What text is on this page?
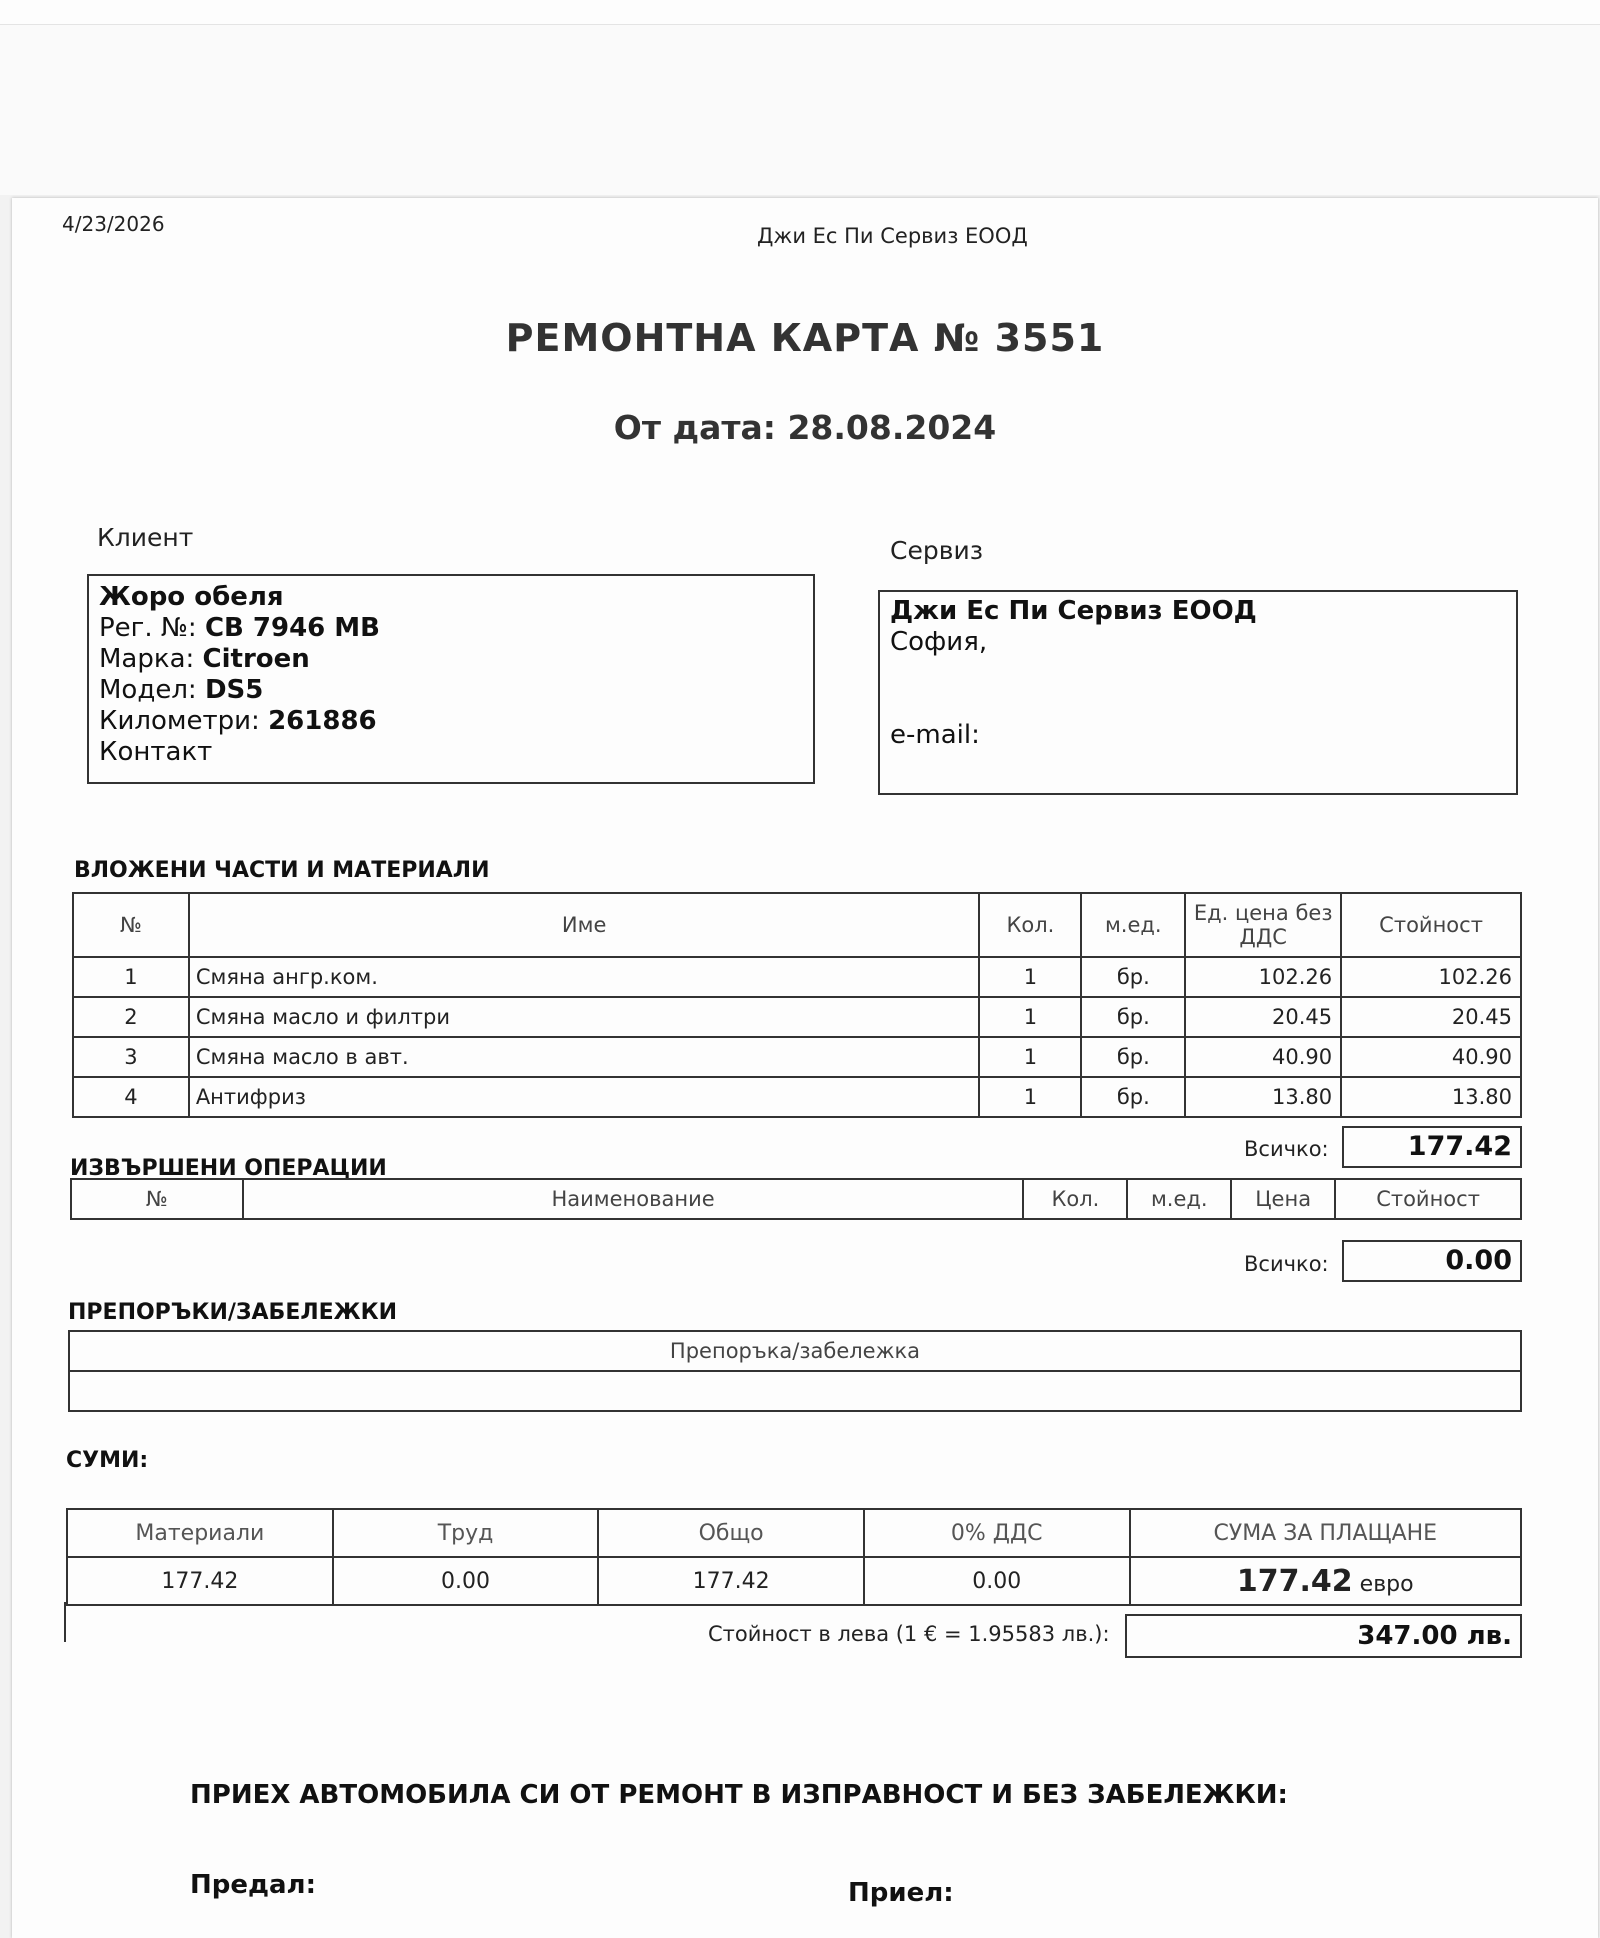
4/23/2026	Джи Ес Пи Сервиз ЕООД
РЕМОНТНА КАРТА № 3551
От дата: 28.08.2024
Клиент
Жоро обеля
Рег. №: CB 7946 MB
Марка: Citroen
Модел: DS5
Километри: 261886
Контакт
Сервиз
Джи Ес Пи Сервиз ЕООД
София,
e-mail:
ВЛОЖЕНИ ЧАСТИ И МАТЕРИАЛИ
№	Име	Кол.	м.ед.	Ед. цена без ДДС	Стойност
1	Смяна ангр.ком.	1	бр.	102.26	102.26
2	Смяна масло и филтри	1	бр.	20.45	20.45
3	Смяна масло в авт.	1	бр.	40.90	40.90
4	Антифриз	1	бр.	13.80	13.80
Всичко:	177.42
ИЗВЪРШЕНИ ОПЕРАЦИИ
№	Наименование	Кол.	м.ед.	Цена	Стойност
Всичко:	0.00
ПРЕПОРЪКИ/ЗАБЕЛЕЖКИ
Препоръка/забележка

СУМИ:
Материали	Труд	Общо	0% ДДС	СУМА ЗА ПЛАЩАНЕ
177.42	0.00	177.42	0.00	177.42 евро
Стойност в лева (1 € = 1.95583 лв.):	347.00 лв.
ПРИЕХ АВТОМОБИЛА СИ ОТ РЕМОНТ В ИЗПРАВНОСТ И БЕЗ ЗАБЕЛЕЖКИ:
Предал:	Приел:
